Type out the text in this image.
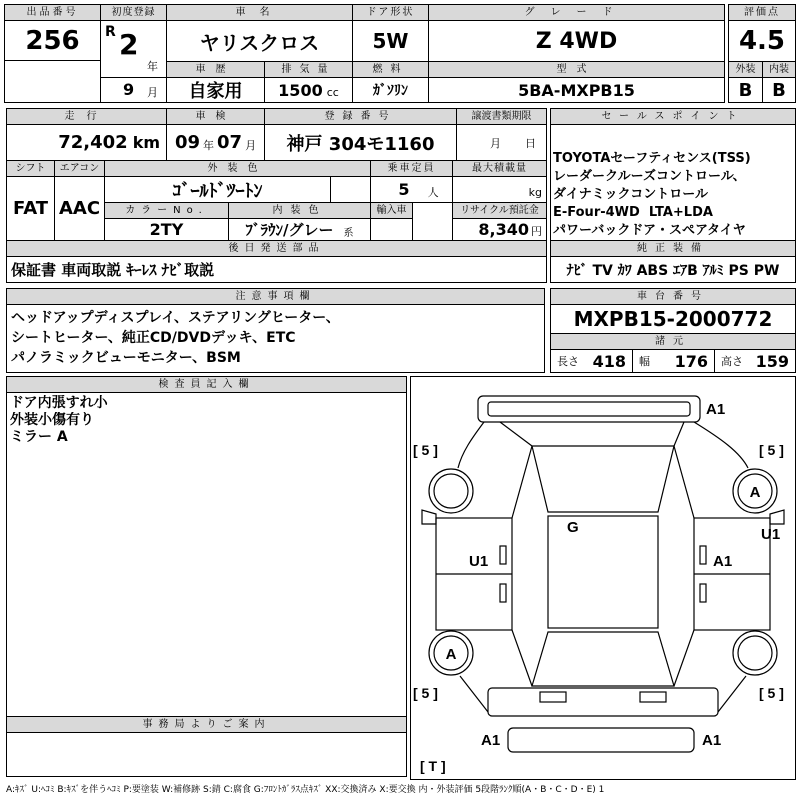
出品番号
256
初度登録
R 2
年
9 月
車名
ヤリスクロス
ドア形状
5W
グレード
Z 4WD
評価点
4.5
車歴
自家用
排気量
1500 cc
燃料
ｶﾞｿﾘﾝ
型式
5BA-MXPB15
外装	内装
B	B
走行
72,402 km
車検
09 年 07 月
登録番号
神戸 304モ1160
譲渡書類期限
月 日
セールスポイント
TOYOTAセーフティセンス(TSS)
レーダークルーズコントロール、
ダイナミックコントロール
E-Four-4WD  LTA+LDA
パワーバックドア・スペアタイヤ
シフト
FAT
エアコン
AAC
外装色
ｺﾞｰﾙﾄﾞﾂｰﾄﾝ
乗車定員
5 人
最大積載量
kg
カラーNo.
2TY
内装色
ﾌﾞﾗｳﾝ/グレー 系
輸入車	リサイクル預託金
8,340 円
後日発送部品
保証書 車両取説 ｷｰﾚｽ ﾅﾋﾞ取説
純正装備
ﾅﾋﾞ TV ｶﾜ ABS ｴｱB ｱﾙﾐ PS PW
注意事項欄
ヘッドアップディスプレイ、ステアリングヒーター、
シートヒーター、純正CD/DVDデッキ、ETC
パノラミックビューモニター、BSM
車台番号
MXPB15-2000772
諸元
長さ 418 幅 176 高さ 159
検査員記入欄
ドア内張すれ小
外装小傷有り
ミラー A
事務局よりご案内
A1
[ 5 ]	[ 5 ]
A
G
U1	A1
U1
A
[ 5 ]	[ 5 ]
A1	A1
[ T ]
A:ｷｽﾞ U:ﾍｺﾐ B:ｷｽﾞを伴うﾍｺﾐ P:要塗装 W:補修跡 S:錆 C:腐食 G:ﾌﾛﾝﾄｶﾞﾗｽ点ｷｽﾞ XX:交換済み X:要交換 内・外装評価 5段階ﾗﾝｸ順(A・B・C・D・E) 1
